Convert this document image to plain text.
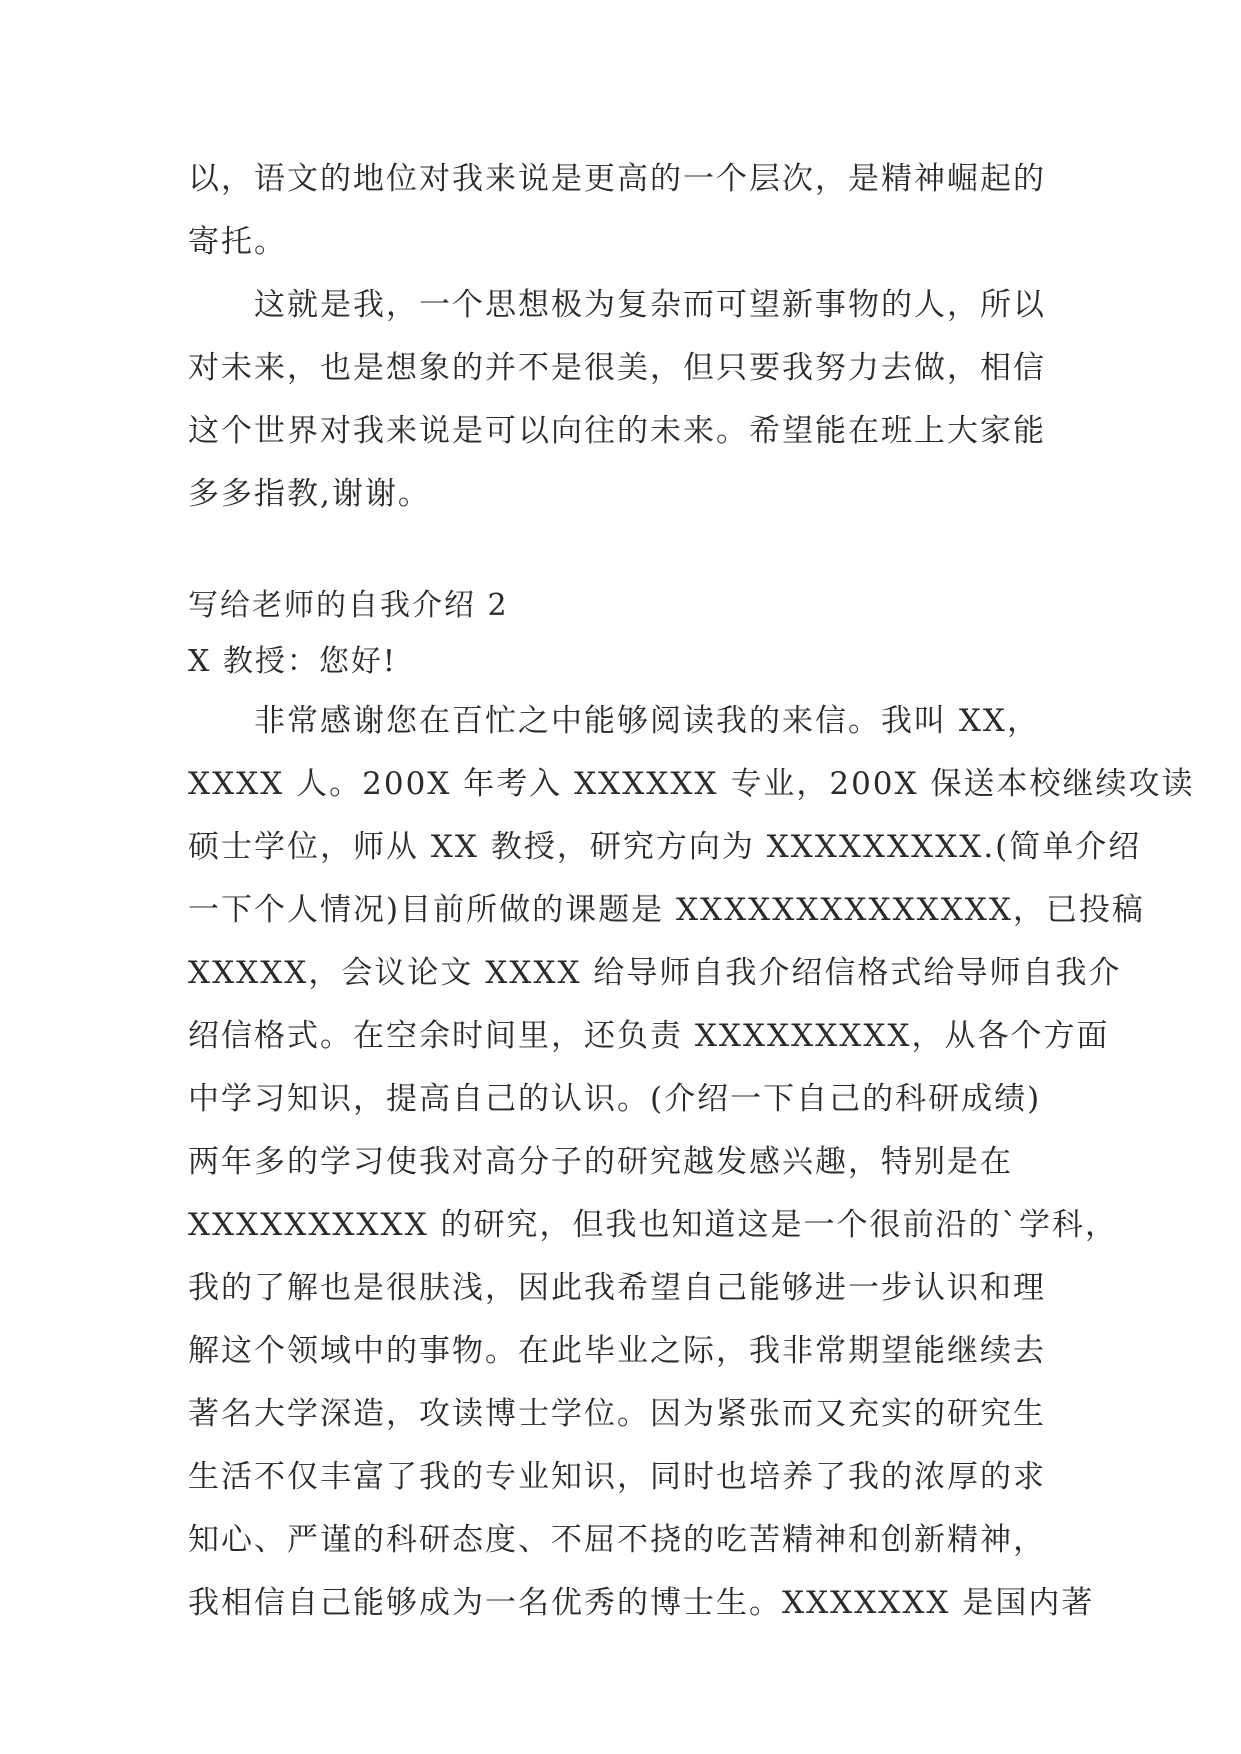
以，语文的地位对我来说是更高的一个层次，是精神崛起的
寄托。
这就是我，一个思想极为复杂而可望新事物的人，所以
对未来，也是想象的并不是很美，但只要我努力去做，相信
这个世界对我来说是可以向往的未来。希望能在班上大家能
多多指教,谢谢。
写给老师的自我介绍 2
X 教授：您好!
非常感谢您在百忙之中能够阅读我的来信。我叫 XX，
XXXX 人。200X 年考入 XXXXXX 专业，200X 保送本校继续攻读
硕士学位，师从 XX 教授，研究方向为 XXXXXXXXX.(简单介绍
一下个人情况)目前所做的课题是 XXXXXXXXXXXXXX，已投稿
XXXXX，会议论文 XXXX 给导师自我介绍信格式给导师自我介
绍信格式。在空余时间里，还负责 XXXXXXXXX，从各个方面
中学习知识，提高自己的认识。(介绍一下自己的科研成绩)
两年多的学习使我对高分子的研究越发感兴趣，特别是在
XXXXXXXXXX 的研究，但我也知道这是一个很前沿的`学科，
我的了解也是很肤浅，因此我希望自己能够进一步认识和理
解这个领域中的事物。在此毕业之际，我非常期望能继续去
著名大学深造，攻读博士学位。因为紧张而又充实的研究生
生活不仅丰富了我的专业知识，同时也培养了我的浓厚的求
知心、严谨的科研态度、不屈不挠的吃苦精神和创新精神，
我相信自己能够成为一名优秀的博士生。XXXXXXX 是国内著
